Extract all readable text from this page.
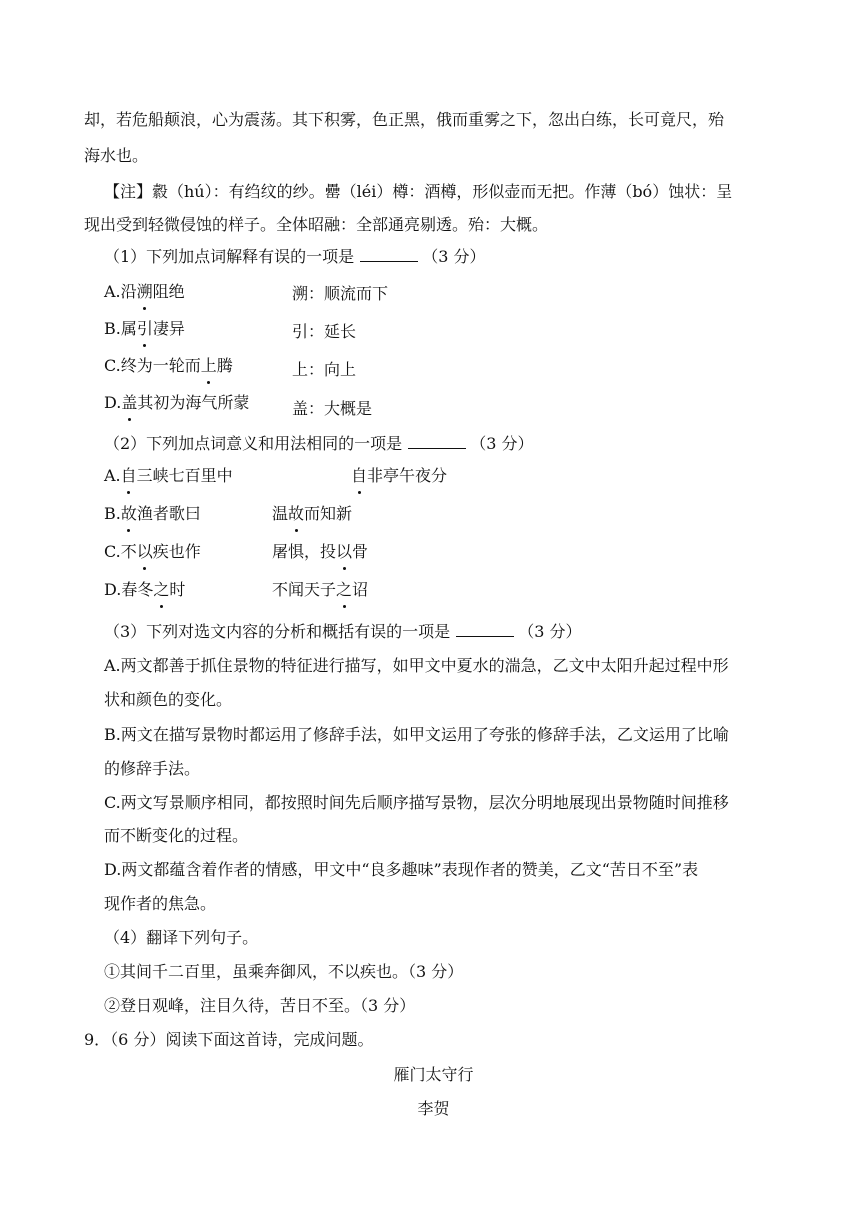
却，若危船颠浪，心为震荡。其下积雾，色正黑，俄而重雾之下，忽出白练，长可竟尺，殆
海水也。
【注】縠（hú）：有绉纹的纱。罍（léi）樽：酒樽，形似壶而无把。作薄（bó）蚀状：呈
现出受到轻微侵蚀的样子。全体昭融：全部通亮剔透。殆：大概。
（1）下列加点词解释有误的一项是	（3 分）
A.沿溯阻绝	溯：顺流而下
B.属引凄异	引：延长
C.终为一轮而上腾	上：向上
D.盖其初为海气所蒙	盖：大概是
（2）下列加点词意义和用法相同的一项是	（3 分）
A.自三峡七百里中	自非亭午夜分
B.故渔者歌曰	温故而知新
C.不以疾也作	屠惧，投以骨
D.春冬之时	不闻天子之诏
（3）下列对选文内容的分析和概括有误的一项是	（3 分）
A.两文都善于抓住景物的特征进行描写，如甲文中夏水的湍急，乙文中太阳升起过程中形
状和颜色的变化。
B.两文在描写景物时都运用了修辞手法，如甲文运用了夸张的修辞手法，乙文运用了比喻
的修辞手法。
C.两文写景顺序相同，都按照时间先后顺序描写景物，层次分明地展现出景物随时间推移
而不断变化的过程。
D.两文都蕴含着作者的情感，甲文中“良多趣味”表现作者的赞美，乙文“苦日不至”表
现作者的焦急。
（4）翻译下列句子。
①其间千二百里，虽乘奔御风，不以疾也。（3 分）
②登日观峰，注目久待，苦日不至。（3 分）
9．（6 分）阅读下面这首诗，完成问题。
雁门太守行
李贺
